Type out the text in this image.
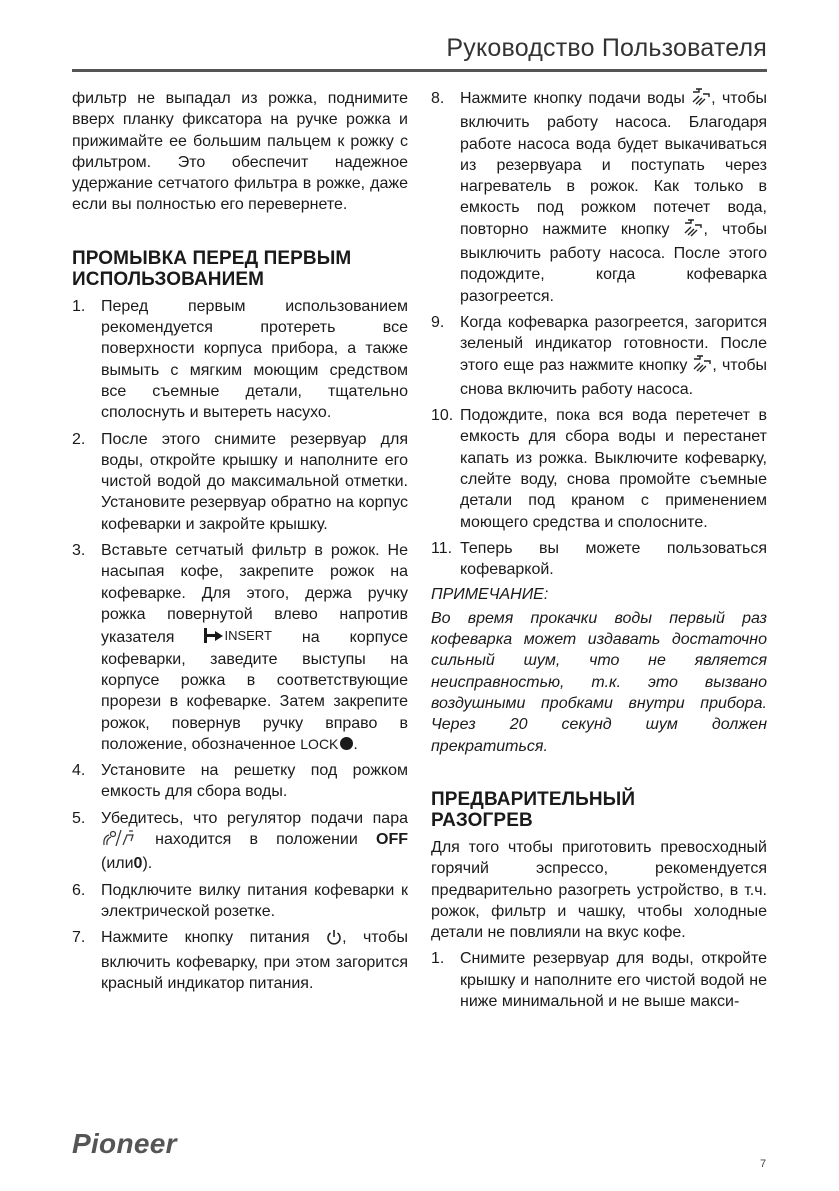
Руководство Пользователя

фильтр не выпадал из рожка, поднимите вверх планку фиксатора на ручке рожка и прижимайте ее большим пальцем к рожку с фильтром. Это обеспечит надежное удержание сетчатого фильтра в рожке, даже если вы полностью его перевернете.

ПРОМЫВКА ПЕРЕД ПЕРВЫМ
ИСПОЛЬЗОВАНИЕМ
1. Перед первым использованием рекомендуется протереть все поверхности корпуса прибора, а также вымыть с мягким моющим средством все съемные детали, тщательно сполоснуть и вытереть насухо.
2. После этого снимите резервуар для воды, откройте крышку и наполните его чистой водой до максимальной отметки. Установите резервуар обратно на корпус кофеварки и закройте крышку.
3. Вставьте сетчатый фильтр в рожок. Не насыпая кофе, закрепите рожок на кофеварке. Для этого, держа ручку рожка повернутой влево напротив указателя	INSERT на корпусе кофеварки, заведите выступы на корпусе рожка в соответствующие прорези в кофеварке. Затем закрепите рожок, повернув ручку вправо в положение, обозначенное LOCK .
4. Установите на решетку под рожком емкость для сбора воды.
5. Убедитесь, что регулятор подачи пара  находится в положении OFF (или0).
6. Подключите вилку питания кофеварки к электрической розетке.
7. Нажмите кнопку питания , чтобы включить кофеварку, при этом загорится красный индикатор питания.
8. Нажмите кнопку подачи воды , чтобы включить работу насоса. Благодаря работе насоса вода будет выкачиваться из резервуара и поступать через нагреватель в рожок. Как только в емкость под рожком потечет вода, повторно нажмите кнопку , чтобы выключить работу насоса. После этого подождите, когда кофеварка разогреется.
9. Когда кофеварка разогреется, загорится зеленый индикатор готовности. После этого еще раз нажмите кнопку , чтобы снова включить работу насоса.
10. Подождите, пока вся вода перетечет в емкость для сбора воды и перестанет капать из рожка. Выключите кофеварку, слейте воду, снова промойте съемные детали под краном с применением моющего средства и сполосните.
11. Теперь вы можете пользоваться кофеваркой.

ПРИМЕЧАНИЕ:

Во время прокачки воды первый раз кофеварка может издавать достаточно сильный шум, что не является неисправностью, т.к. это вызвано воздушными пробками внутри прибора. Через 20 секунд шум должен прекратиться.

ПРЕДВАРИТЕЛЬНЫЙ
РАЗОГРЕВ

Для того чтобы приготовить превосходный горячий эспрессо, рекомендуется предварительно разогреть устройство, в т.ч. рожок, фильтр и чашку, чтобы холодные детали не повлияли на вкус кофе.

1. Снимите резервуар для воды, откройте крышку и наполните его чистой водой не ниже минимальной и не выше макси-
Pioneer
7
